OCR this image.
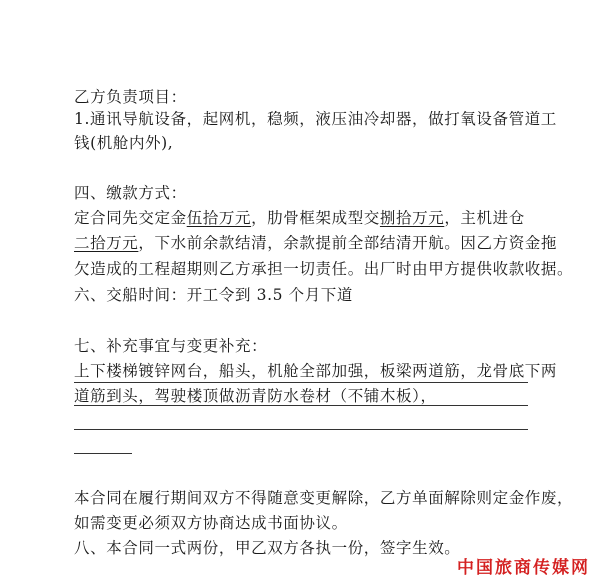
乙方负责项目：
1.通讯导航设备，起网机，稳频，液压油冷却器，做打氧设备管道工
钱(机舱内外),
四、缴款方式：
定合同先交定金伍拾万元，肋骨框架成型交捌拾万元，主机进仓
二拾万元，下水前余款结清，余款提前全部结清开航。因乙方资金拖
欠造成的工程超期则乙方承担一切责任。出厂时由甲方提供收款收据。
六、交船时间：开工令到 3.5 个月下道
七、补充事宜与变更补充：
上下楼梯镀锌网台，船头，机舱全部加强，板梁两道筋，龙骨底下两
道筋到头，驾驶楼顶做沥青防水卷材（不铺木板），
本合同在履行期间双方不得随意变更解除，乙方单面解除则定金作废，
如需变更必须双方协商达成书面协议。
八、本合同一式两份，甲乙双方各执一份，签字生效。
中国旅商传媒网
